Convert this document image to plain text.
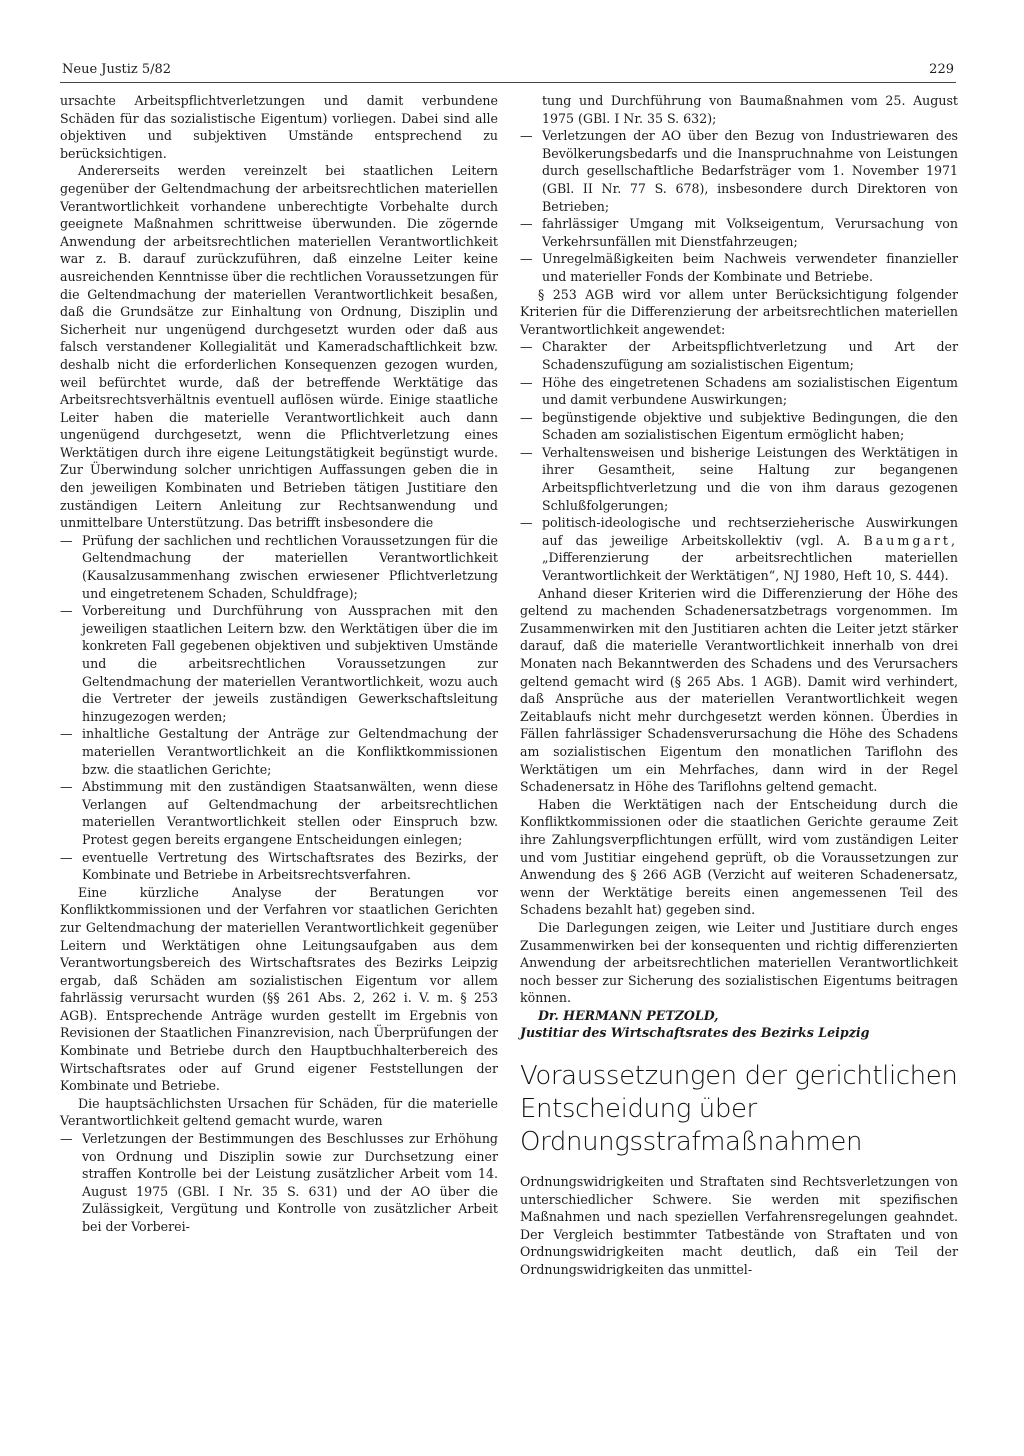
Neue Justiz 5/82	229

ursachte Arbeitspflichtverletzungen und damit verbundene Schäden für das sozialistische Eigentum) vorliegen. Dabei sind alle objektiven und subjektiven Umstände entsprechend zu berücksichtigen.

Andererseits werden vereinzelt bei staatlichen Leitern gegenüber der Geltendmachung der arbeitsrechtlichen materiellen Verantwortlichkeit vorhandene unberechtigte Vorbehalte durch geeignete Maßnahmen schrittweise überwunden. Die zögernde Anwendung der arbeitsrechtlichen materiellen Verantwortlichkeit war z. B. darauf zurückzuführen, daß einzelne Leiter keine ausreichenden Kenntnisse über die rechtlichen Voraussetzungen für die Geltendmachung der materiellen Verantwortlichkeit besaßen, daß die Grundsätze zur Einhaltung von Ordnung, Disziplin und Sicherheit nur ungenügend durchgesetzt wurden oder daß aus falsch verstandener Kollegialität und Kameradschaftlichkeit bzw. deshalb nicht die erforderlichen Konsequenzen gezogen wurden, weil befürchtet wurde, daß der betreffende Werktätige das Arbeitsrechtsverhältnis eventuell auflösen würde. Einige staatliche Leiter haben die materielle Verantwortlichkeit auch dann ungenügend durchgesetzt, wenn die Pflichtverletzung eines Werktätigen durch ihre eigene Leitungstätigkeit begünstigt wurde. Zur Überwindung solcher unrichtigen Auffassungen geben die in den jeweiligen Kombinaten und Betrieben tätigen Justitiare den zuständigen Leitern Anleitung zur Rechtsanwendung und unmittelbare Unterstützung. Das betrifft insbesondere die

— Prüfung der sachlichen und rechtlichen Voraussetzungen für die Geltendmachung der materiellen Verantwortlichkeit (Kausalzusammenhang zwischen erwiesener Pflichtverletzung und eingetretenem Schaden, Schuldfrage);
— Vorbereitung und Durchführung von Aussprachen mit den jeweiligen staatlichen Leitern bzw. den Werktätigen über die im konkreten Fall gegebenen objektiven und subjektiven Umstände und die arbeitsrechtlichen Voraussetzungen zur Geltendmachung der materiellen Verantwortlichkeit, wozu auch die Vertreter der jeweils zuständigen Gewerkschaftsleitung hinzugezogen werden;
— inhaltliche Gestaltung der Anträge zur Geltendmachung der materiellen Verantwortlichkeit an die Konfliktkommissionen bzw. die staatlichen Gerichte;
— Abstimmung mit den zuständigen Staatsanwälten, wenn diese Verlangen auf Geltendmachung der arbeitsrechtlichen materiellen Verantwortlichkeit stellen oder Einspruch bzw. Protest gegen bereits ergangene Entscheidungen einlegen;
— eventuelle Vertretung des Wirtschaftsrates des Bezirks, der Kombinate und Betriebe in Arbeitsrechtsverfahren.

Eine kürzliche Analyse der Beratungen vor Konfliktkommissionen und der Verfahren vor staatlichen Gerichten zur Geltendmachung der materiellen Verantwortlichkeit gegenüber Leitern und Werktätigen ohne Leitungsaufgaben aus dem Verantwortungsbereich des Wirtschaftsrates des Bezirks Leipzig ergab, daß Schäden am sozialistischen Eigentum vor allem fahrlässig verursacht wurden (§§ 261 Abs. 2, 262 i. V. m. § 253 AGB). Entsprechende Anträge wurden gestellt im Ergebnis von Revisionen der Staatlichen Finanzrevision, nach Überprüfungen der Kombinate und Betriebe durch den Hauptbuchhalterbereich des Wirtschaftsrates oder auf Grund eigener Feststellungen der Kombinate und Betriebe.

Die hauptsächlichsten Ursachen für Schäden, für die materielle Verantwortlichkeit geltend gemacht wurde, waren

— Verletzungen der Bestimmungen des Beschlusses zur Erhöhung von Ordnung und Disziplin sowie zur Durchsetzung einer straffen Kontrolle bei der Leistung zusätzlicher Arbeit vom 14. August 1975 (GBl. I Nr. 35 S. 631) und der AO über die Zulässigkeit, Vergütung und Kontrolle von zusätzlicher Arbeit bei der Vorberei-
tung und Durchführung von Baumaßnahmen vom 25. August 1975 (GBl. I Nr. 35 S. 632);
— Verletzungen der AO über den Bezug von Industriewaren des Bevölkerungsbedarfs und die Inanspruchnahme von Leistungen durch gesellschaftliche Bedarfsträger vom 1. November 1971 (GBl. II Nr. 77 S. 678), insbesondere durch Direktoren von Betrieben;
— fahrlässiger Umgang mit Volkseigentum, Verursachung von Verkehrsunfällen mit Dienstfahrzeugen;
— Unregelmäßigkeiten beim Nachweis verwendeter finanzieller und materieller Fonds der Kombinate und Betriebe.

§ 253 AGB wird vor allem unter Berücksichtigung folgender Kriterien für die Differenzierung der arbeitsrechtlichen materiellen Verantwortlichkeit angewendet:

— Charakter der Arbeitspflichtverletzung und Art der Schadenszufügung am sozialistischen Eigentum;
— Höhe des eingetretenen Schadens am sozialistischen Eigentum und damit verbundene Auswirkungen;
— begünstigende objektive und subjektive Bedingungen, die den Schaden am sozialistischen Eigentum ermöglicht haben;
— Verhaltensweisen und bisherige Leistungen des Werktätigen in ihrer Gesamtheit, seine Haltung zur begangenen Arbeitspflichtverletzung und die von ihm daraus gezogenen Schlußfolgerungen;
— politisch-ideologische und rechtserzieherische Auswirkungen auf das jeweilige Arbeitskollektiv (vgl. A. Baumgart, „Differenzierung der arbeitsrechtlichen materiellen Verantwortlichkeit der Werktätigen“, NJ 1980, Heft 10, S. 444).

Anhand dieser Kriterien wird die Differenzierung der Höhe des geltend zu machenden Schadenersatzbetrags vorgenommen. Im Zusammenwirken mit den Justitiaren achten die Leiter jetzt stärker darauf, daß die materielle Verantwortlichkeit innerhalb von drei Monaten nach Bekanntwerden des Schadens und des Verursachers geltend gemacht wird (§ 265 Abs. 1 AGB). Damit wird verhindert, daß Ansprüche aus der materiellen Verantwortlichkeit wegen Zeitablaufs nicht mehr durchgesetzt werden können. Überdies in Fällen fahrlässiger Schadensverursachung die Höhe des Schadens am sozialistischen Eigentum den monatlichen Tariflohn des Werktätigen um ein Mehrfaches, dann wird in der Regel Schadenersatz in Höhe des Tariflohns geltend gemacht.

Haben die Werktätigen nach der Entscheidung durch die Konfliktkommissionen oder die staatlichen Gerichte geraume Zeit ihre Zahlungsverpflichtungen erfüllt, wird vom zuständigen Leiter und vom Justitiar eingehend geprüft, ob die Voraussetzungen zur Anwendung des § 266 AGB (Verzicht auf weiteren Schadenersatz, wenn der Werktätige bereits einen angemessenen Teil des Schadens bezahlt hat) gegeben sind.

Die Darlegungen zeigen, wie Leiter und Justitiare durch enges Zusammenwirken bei der konsequenten und richtig differenzierten Anwendung der arbeitsrechtlichen materiellen Verantwortlichkeit noch besser zur Sicherung des sozialistischen Eigentums beitragen können.

Dr. HERMANN PETZOLD,

Justitiar des Wirtschaftsrates des Bezirks Leipzig
Voraussetzungen der gerichtlichen Entscheidung über Ordnungsstrafmaßnahmen

Ordnungswidrigkeiten und Straftaten sind Rechtsverletzungen von unterschiedlicher Schwere. Sie werden mit spezifischen Maßnahmen und nach speziellen Verfahrensregelungen geahndet. Der Vergleich bestimmter Tatbestände von Straftaten und von Ordnungswidrigkeiten macht deutlich, daß ein Teil der Ordnungswidrigkeiten das unmittel-
